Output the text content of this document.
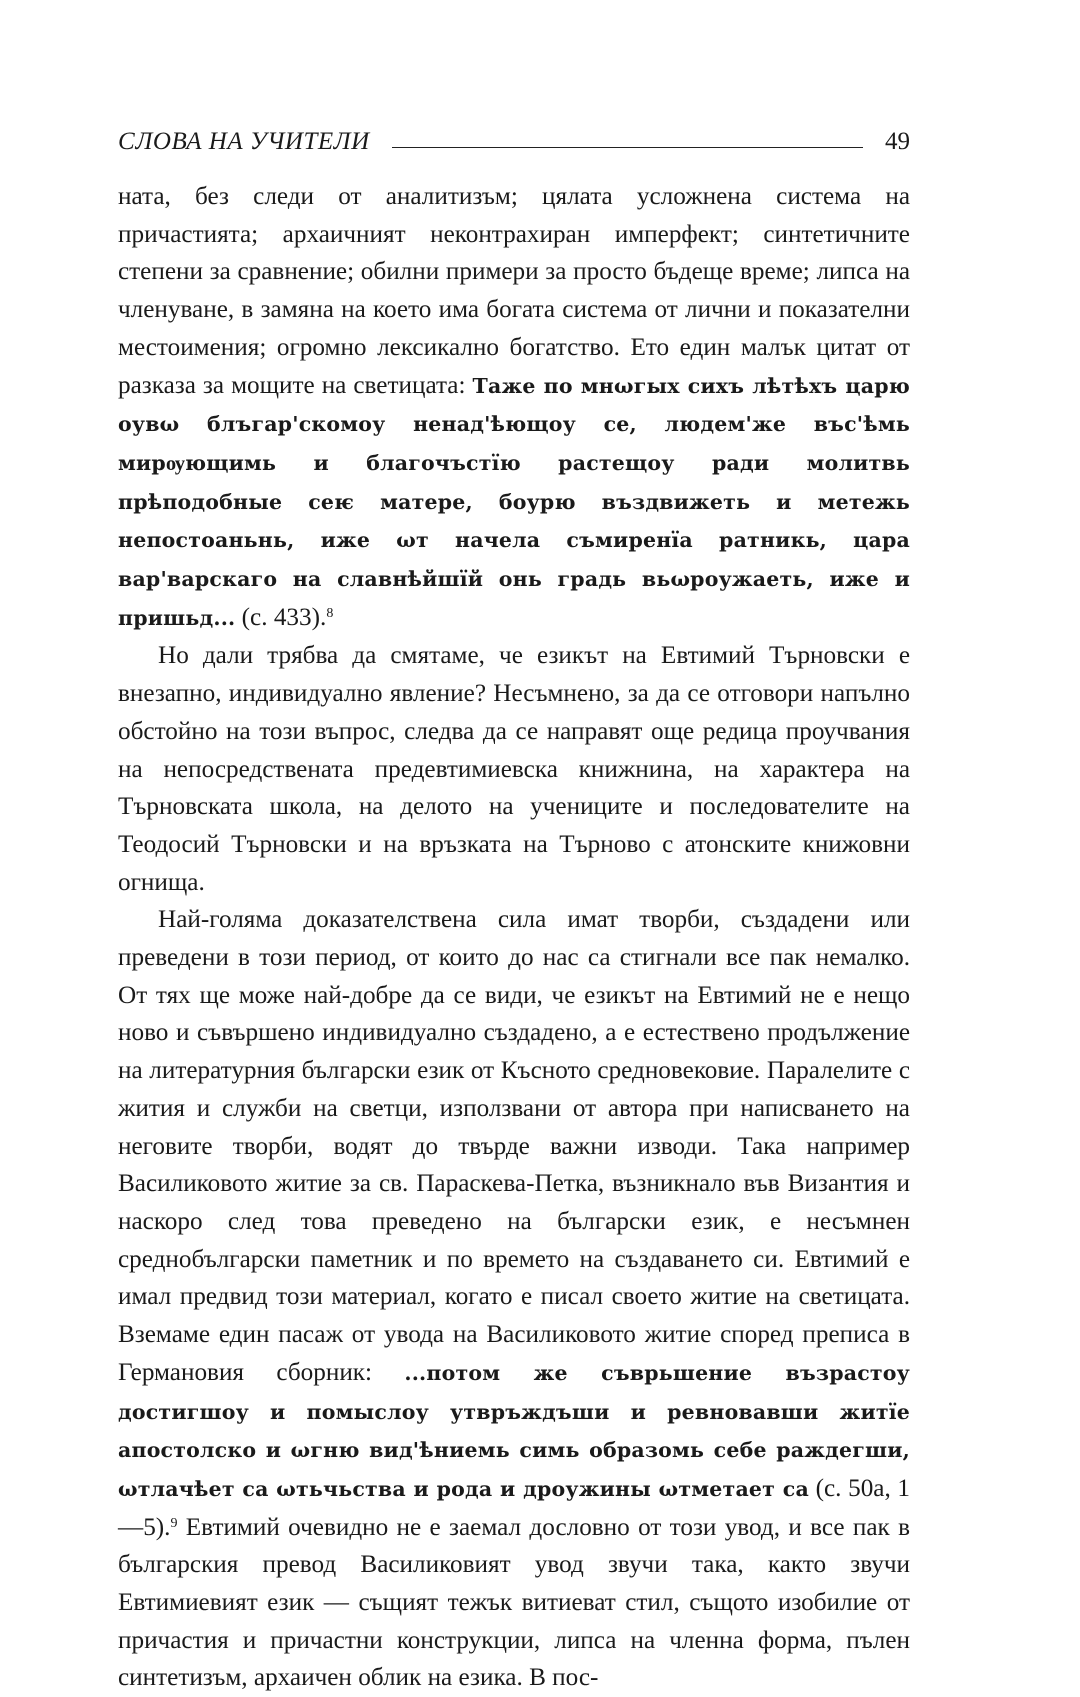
СЛОВА НА УЧИТЕЛИ	49

ната, без следи от аналитизъм; цялата усложнена система на причастията; архаичният неконтрахиран имперфект; синтетичните степени за сравнение; обилни примери за просто бъдеще време; липса на членуване, в замяна на което има богата система от лични и показателни местоимения; огромно лексикално богатство. Ето един малък цитат от разказа за мощите на светицата: Таже по мнωгых сихъ лѣтѣхъ царю оувω блъгар'скомоу ненад'ѣющоу се, людем'же въс'ѣмь мирѹющимь и благочъстїю растещоу ради молитвь прѣподобные сеѥ матере, боурю въздвижеть и метежь непостоаньнь, иже ωт начела съмиренїа ратникь, цара вар'варскаго на славнѣйшїй онь градь вьωроужаеть, иже и пришьд... (с. 433).$^8$

Но дали трябва да смятаме, че езикът на Евтимий Търновски е внезапно, индивидуално явление? Несъмнено, за да се отговори напълно обстойно на този въпрос, следва да се направят още редица проучвания на непосредствената предевтимиевска книжнина, на характера на Търновската школа, на делото на учениците и последователите на Теодосий Търновски и на връзката на Търново с атонските книжовни огнища.

Най-голяма доказателствена сила имат творби, създадени или преведени в този период, от които до нас са стигнали все пак немалко. От тях ще може най-добре да се види, че езикът на Евтимий не е нещо ново и съвършено индивидуално създадено, а е естествено продължение на литературния български език от Късното средновековие. Паралелите с жития и служби на светци, използвани от автора при написването на неговите творби, водят до твърде важни изводи. Така например Василиковото житие за св. Параскева-Петка, възникнало във Византия и наскоро след това преведено на български език, е несъмнен среднобългарски паметник и по времето на създаването си. Евтимий е имал предвид този материал, когато е писал своето житие на светицата. Вземаме един пасаж от увода на Василиковото житие според преписа в Германовия сборник: ...потом же съврьшение възрастоу достигшоу и помыслоу утвръждъши и ревновавши житїе апостолско и ωгню вид'ѣниемь симь образомь себе раждегши, ωтлачѣет са ωтьчьства и рода и дроужины ωтметает са (с. 50а, 1—5).$^9$ Евтимий очевидно не е заемал дословно от този увод, и все пак в българския превод Василиковият увод звучи така, както звучи Евтимиевият език — същият тежък витиеват стил, същото изобилие от причастия и причастни конструкции, липса на членна форма, пълен синтетизъм, архаичен облик на езика. В пос-
